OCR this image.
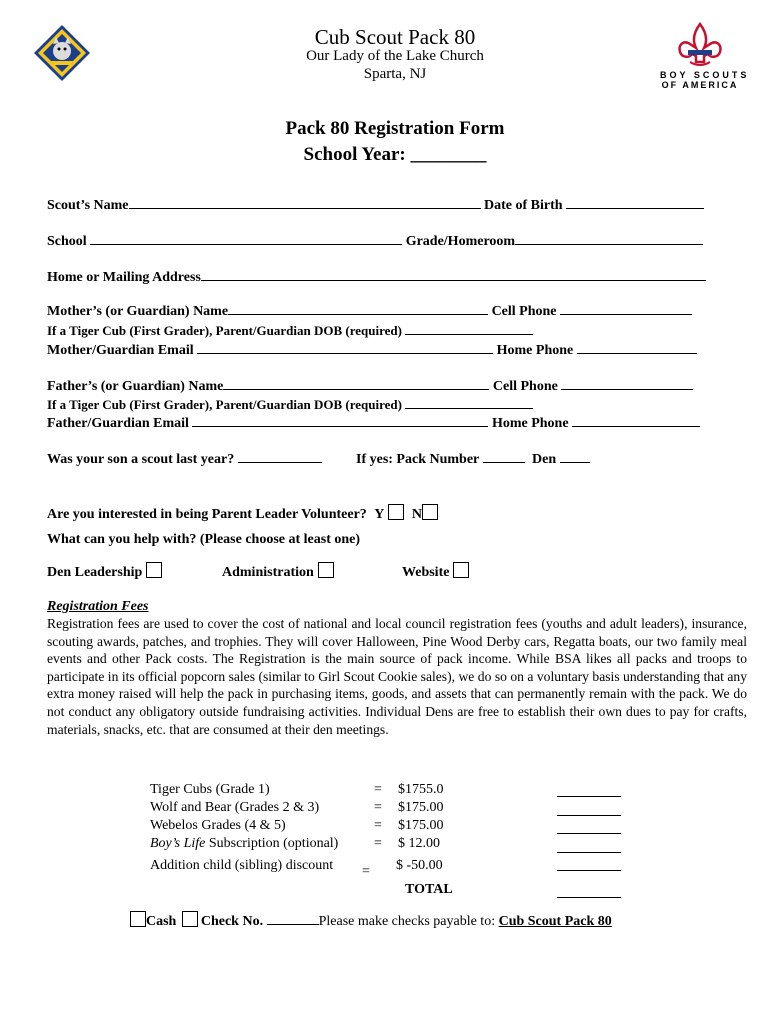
Cub Scout Pack 80
Our Lady of the Lake Church
Sparta, NJ	BOY SCOUTS
OF AMERICA
Pack 80 Registration Form
School Year: ________
Scout’s Name	Date of Birth
School	Grade/Homeroom
Home or Mailing Address
Mother’s (or Guardian) Name	Cell Phone
If a Tiger Cub (First Grader), Parent/Guardian DOB (required)
Mother/Guardian Email	Home Phone
Father’s (or Guardian) Name	Cell Phone
If a Tiger Cub (First Grader), Parent/Guardian DOB (required)
Father/Guardian Email	Home Phone
Was your son a scout last year?	If yes: Pack Number	Den
Are you interested in being Parent Leader Volunteer? Y N
What can you help with? (Please choose at least one)
Den Leadership	Administration	Website
Registration Fees
Registration fees are used to cover the cost of national and local council registration fees (youths and adult leaders), insurance, scouting awards, patches, and trophies. They will cover Halloween, Pine Wood Derby cars, Regatta boats, our two family meal events and other Pack costs. The Registration is the main source of pack income. While BSA likes all packs and troops to participate in its official popcorn sales (similar to Girl Scout Cookie sales), we do so on a voluntary basis understanding that any extra money raised will help the pack in purchasing items, goods, and assets that can permanently remain with the pack. We do not conduct any obligatory outside fundraising activities. Individual Dens are free to establish their own dues to pay for crafts, materials, snacks, etc. that are consumed at their den meetings.
Tiger Cubs (Grade 1)	= $1755.0
Wolf and Bear (Grades 2 & 3)	= $175.00
Webelos Grades (4 & 5)	= $175.00
Boy’s Life Subscription (optional)	= $ 12.00
Addition child (sibling) discount = $ -50.00
TOTAL
Cash Check No.	Please make checks payable to: Cub Scout Pack 80
